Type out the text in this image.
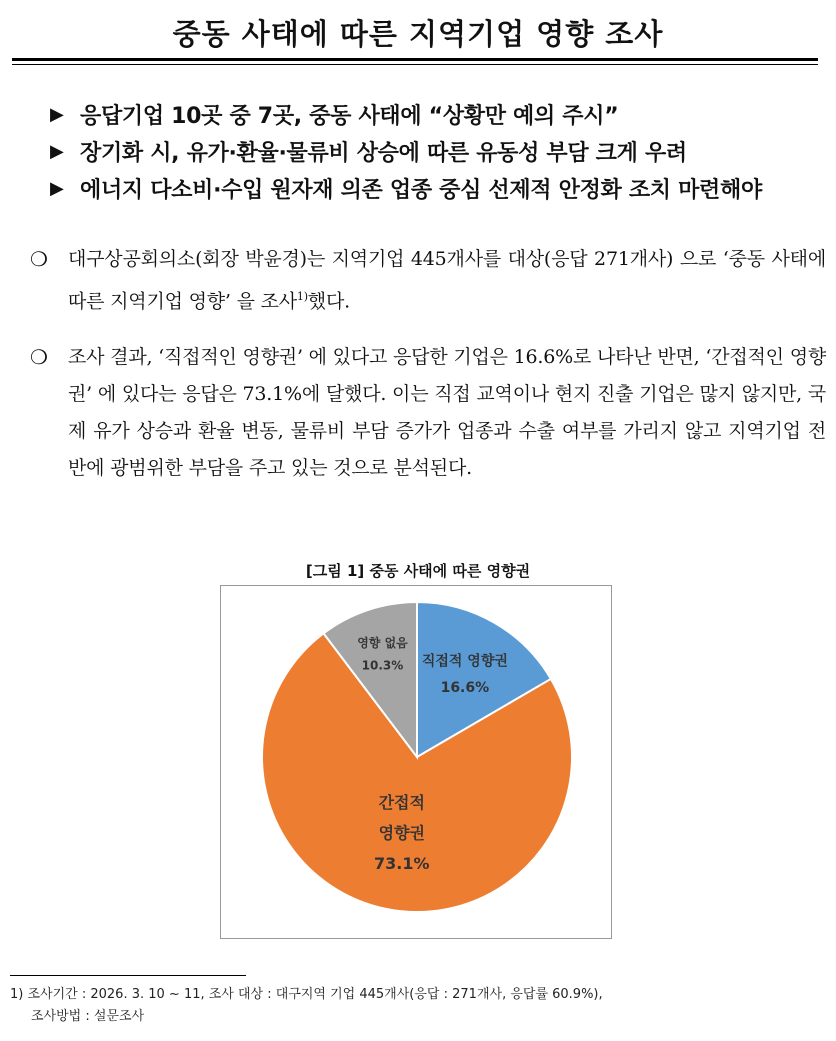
중동 사태에 따른 지역기업 영향 조사
▶ 응답기업 10곳 중 7곳, 중동 사태에 “상황만 예의 주시”
▶ 장기화 시, 유가·환율·물류비 상승에 따른 유동성 부담 크게 우려
▶ 에너지 다소비·수입 원자재 의존 업종 중심 선제적 안정화 조치 마련해야
❍	대구상공회의소(회장 박윤경)는 지역기업 445개사를 대상(응답 271개사) 으로 ‘중동 사태에 따른 지역기업 영향’ 을 조사$^{1)}$했다.
❍	조사 결과, ‘직접적인 영향권’ 에 있다고 응답한 기업은 16.6%로 나타난 반면, ‘간접적인 영향권’ 에 있다는 응답은 73.1%에 달했다. 이는 직접 교역이나 현지 진출 기업은 많지 않지만, 국제 유가 상승과 환율 변동, 물류비 부담 증가가 업종과 수출 여부를 가리지 않고 지역기업 전반에 광범위한 부담을 주고 있는 것으로 분석된다.
[그림 1] 중동 사태에 따른 영향권
직접적 영향권
16.6%
간접적
영향권
73.1%
영향 없음
10.3%
1) 조사기간 : 2026. 3. 10 ~ 11, 조사 대상 : 대구지역 기업 445개사(응답 : 271개사, 응답률 60.9%),
조사방법 : 설문조사
